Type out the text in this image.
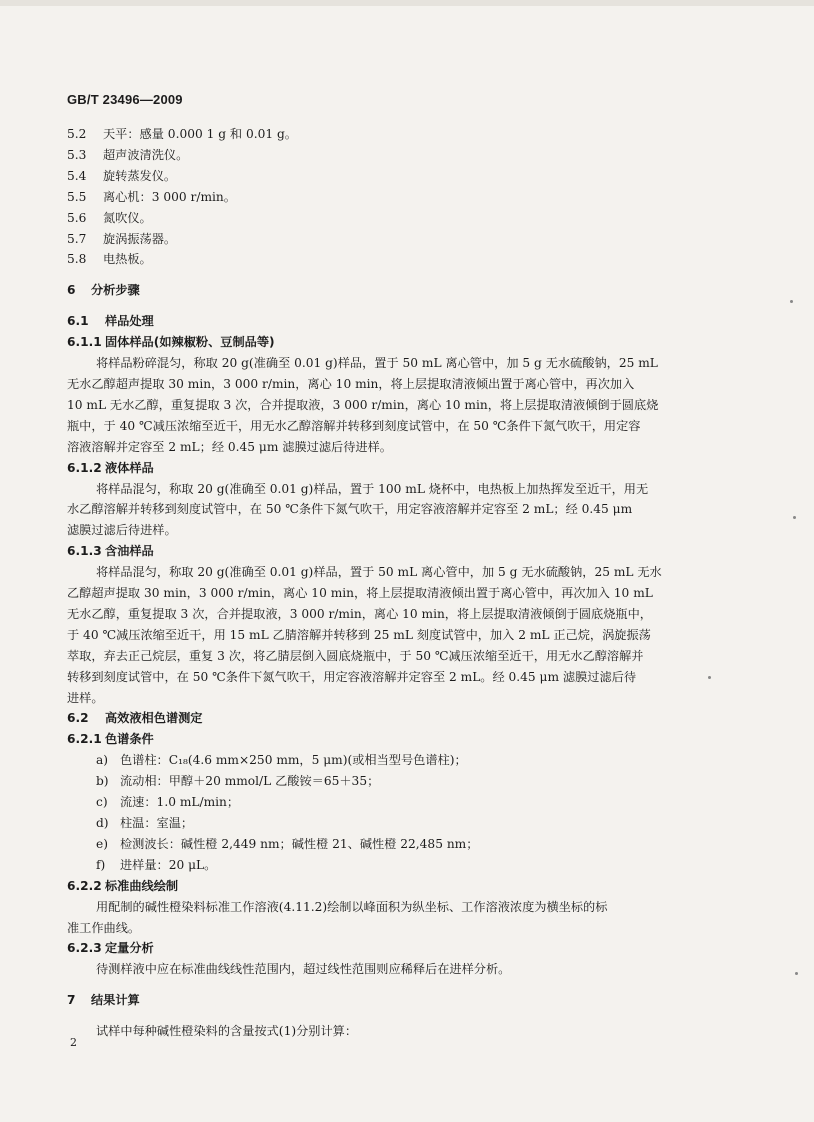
GB/T 23496—2009
5.2 天平：感量 0.000 1 g 和 0.01 g。
5.3 超声波清洗仪。
5.4 旋转蒸发仪。
5.5 离心机：3 000 r/min。
5.6 氮吹仪。
5.7 旋涡振荡器。
5.8 电热板。
6 分析步骤
6.1 样品处理
6.1.1 固体样品(如辣椒粉、豆制品等)
将样品粉碎混匀，称取 20 g(准确至 0.01 g)样品，置于 50 mL 离心管中，加 5 g 无水硫酸钠，25 mL
无水乙醇超声提取 30 min，3 000 r/min，离心 10 min，将上层提取清液倾出置于离心管中，再次加入
10 mL 无水乙醇，重复提取 3 次，合并提取液，3 000 r/min，离心 10 min，将上层提取清液倾倒于圆底烧
瓶中，于 40 ℃减压浓缩至近干，用无水乙醇溶解并转移到刻度试管中，在 50 ℃条件下氮气吹干，用定容
溶液溶解并定容至 2 mL；经 0.45 μm 滤膜过滤后待进样。
6.1.2 液体样品
将样品混匀，称取 20 g(准确至 0.01 g)样品，置于 100 mL 烧杯中，电热板上加热挥发至近干，用无
水乙醇溶解并转移到刻度试管中，在 50 ℃条件下氮气吹干，用定容液溶解并定容至 2 mL；经 0.45 μm
滤膜过滤后待进样。
6.1.3 含油样品
将样品混匀，称取 20 g(准确至 0.01 g)样品，置于 50 mL 离心管中，加 5 g 无水硫酸钠，25 mL 无水
乙醇超声提取 30 min，3 000 r/min，离心 10 min，将上层提取清液倾出置于离心管中，再次加入 10 mL
无水乙醇，重复提取 3 次，合并提取液，3 000 r/min，离心 10 min，将上层提取清液倾倒于圆底烧瓶中，
于 40 ℃减压浓缩至近干，用 15 mL 乙腈溶解并转移到 25 mL 刻度试管中，加入 2 mL 正己烷，涡旋振荡
萃取，弃去正己烷层，重复 3 次，将乙腈层倒入圆底烧瓶中，于 50 ℃减压浓缩至近干，用无水乙醇溶解并
转移到刻度试管中，在 50 ℃条件下氮气吹干，用定容液溶解并定容至 2 mL。经 0.45 μm 滤膜过滤后待
进样。
6.2 高效液相色谱测定
6.2.1 色谱条件
a) 色谱柱：C₁₈(4.6 mm×250 mm，5 μm)(或相当型号色谱柱)；
b) 流动相：甲醇＋20 mmol/L 乙酸铵＝65＋35；
c) 流速：1.0 mL/min；
d) 柱温：室温；
e) 检测波长：碱性橙 2,449 nm；碱性橙 21、碱性橙 22,485 nm；
f) 进样量：20 μL。
6.2.2 标准曲线绘制
用配制的碱性橙染料标准工作溶液(4.11.2)绘制以峰面积为纵坐标、工作溶液浓度为横坐标的标
准工作曲线。
6.2.3 定量分析
待测样液中应在标准曲线线性范围内，超过线性范围则应稀释后在进样分析。
7 结果计算
试样中每种碱性橙染料的含量按式(1)分别计算：
2
